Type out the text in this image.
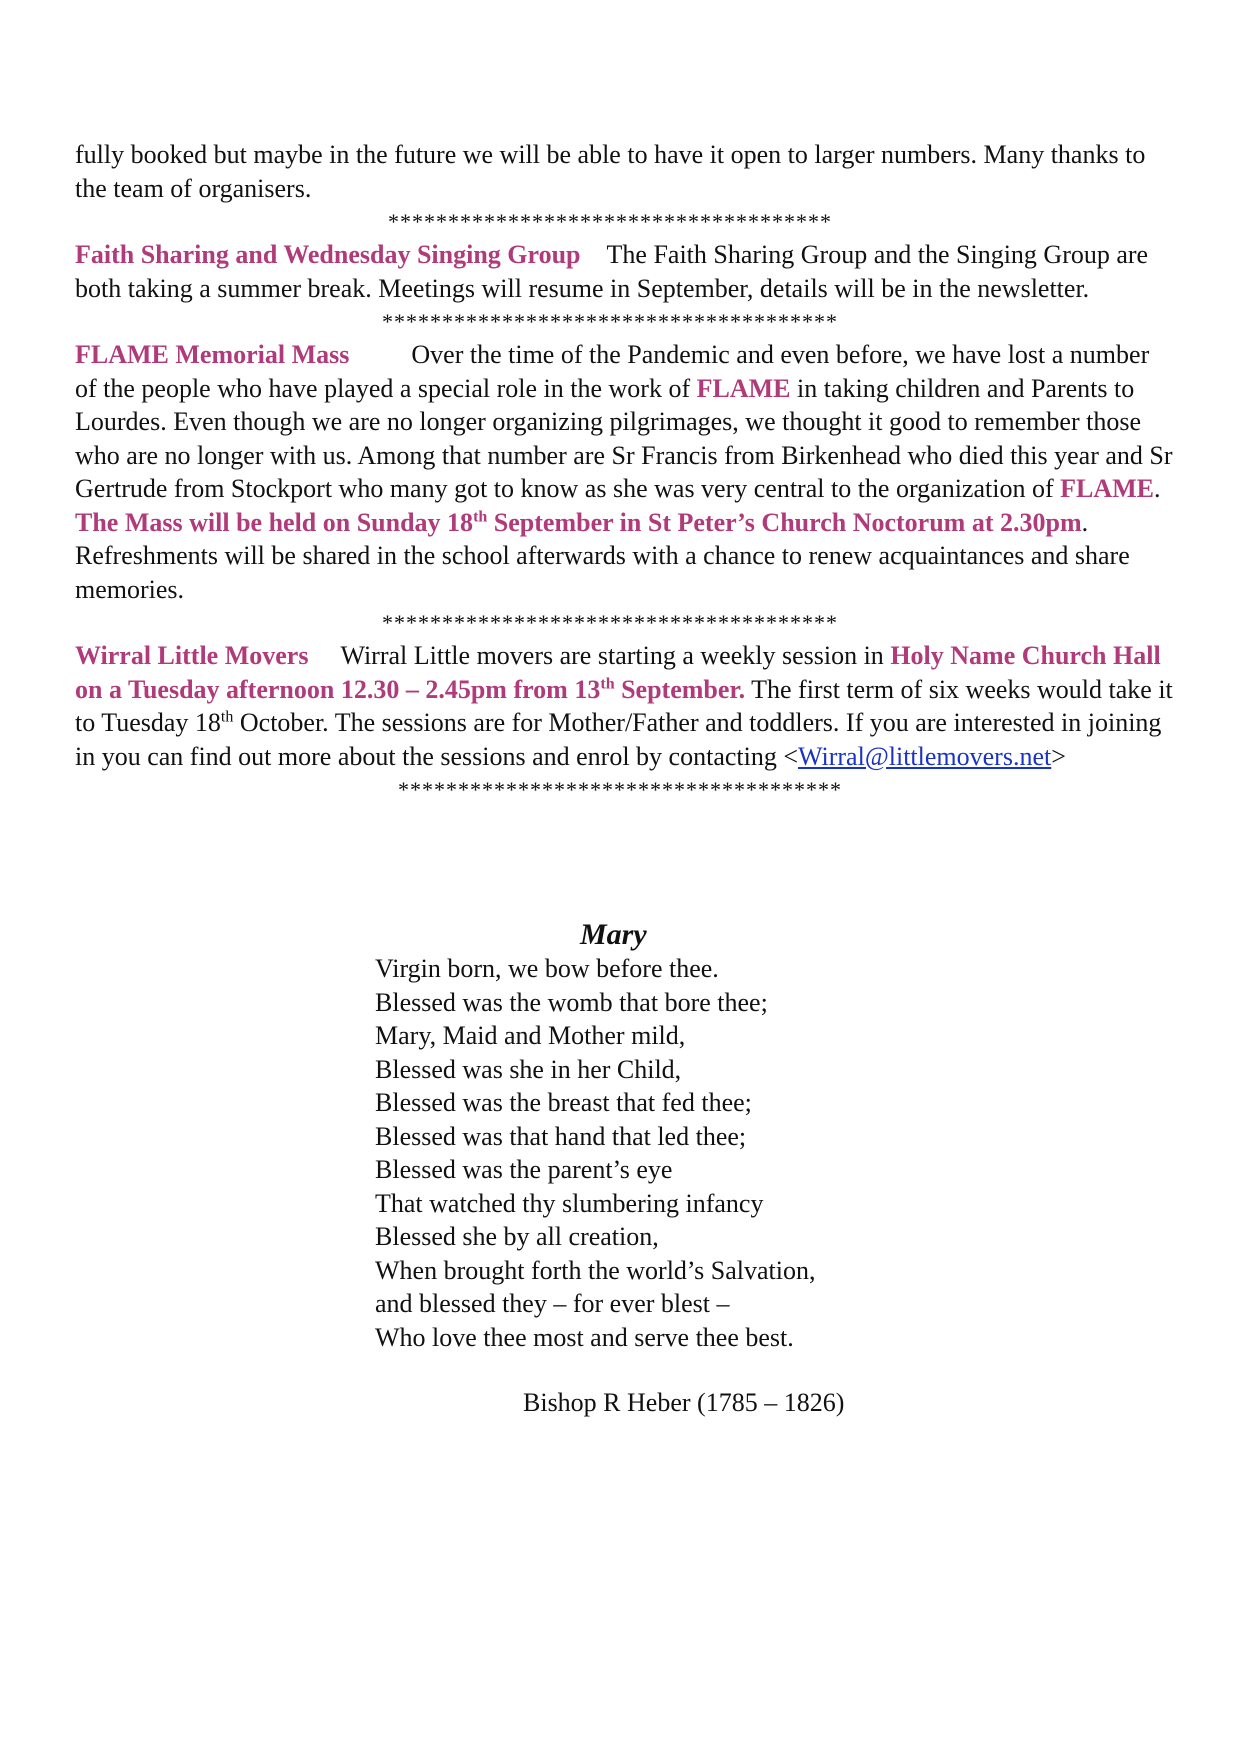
fully booked but maybe in the future we will be able to have it open to larger numbers. Many thanks to the team of organisers.

*************************************

Faith Sharing and Wednesday Singing Group The Faith Sharing Group and the Singing Group are both taking a summer break. Meetings will resume in September, details will be in the newsletter.

**************************************

FLAME Memorial Mass Over the time of the Pandemic and even before, we have lost a number of the people who have played a special role in the work of FLAME in taking children and Parents to Lourdes. Even though we are no longer organizing pilgrimages, we thought it good to remember those who are no longer with us. Among that number are Sr Francis from Birkenhead who died this year and Sr Gertrude from Stockport who many got to know as she was very central to the organization of FLAME. The Mass will be held on Sunday 18th September in St Peter’s Church Noctorum at 2.30pm. Refreshments will be shared in the school afterwards with a chance to renew acquaintances and share memories.

**************************************

Wirral Little Movers Wirral Little movers are starting a weekly session in Holy Name Church Hall on a Tuesday afternoon 12.30 – 2.45pm from 13th September. The first term of six weeks would take it to Tuesday 18th October. The sessions are for Mother/Father and toddlers. If you are interested in joining in you can find out more about the sessions and enrol by contacting <Wirral@littlemovers.net>

*************************************
Mary
Virgin born, we bow before thee.
Blessed was the womb that bore thee;
Mary, Maid and Mother mild,
Blessed was she in her Child,
Blessed was the breast that fed thee;
Blessed was that hand that led thee;
Blessed was the parent’s eye
That watched thy slumbering infancy
Blessed she by all creation,
When brought forth the world’s Salvation,
and blessed they – for ever blest –
Who love thee most and serve thee best.
Bishop R Heber (1785 – 1826)
